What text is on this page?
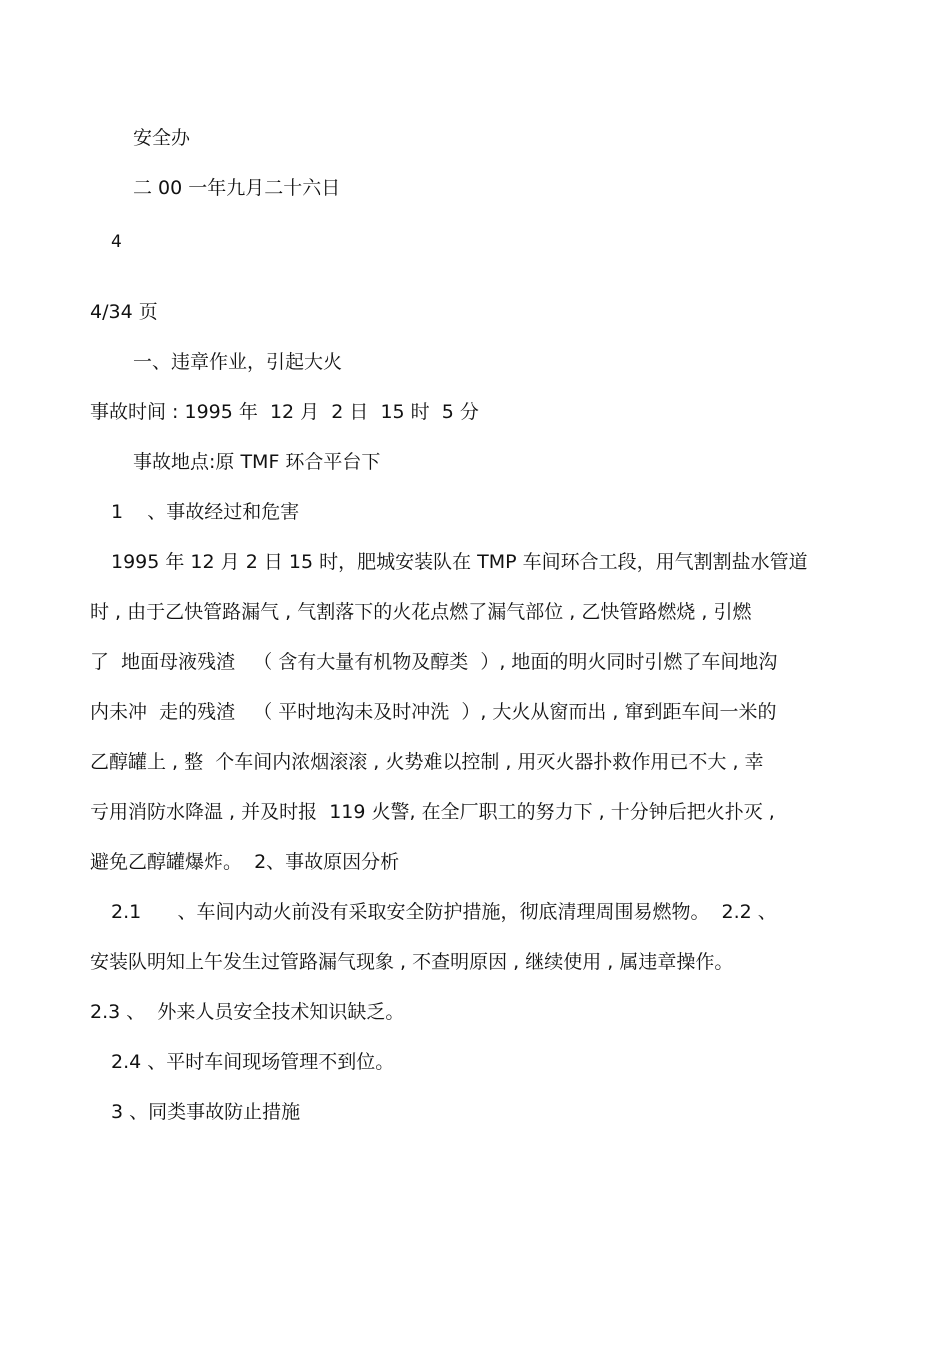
安全办

二 00 一年九月二十六日

4

4/34 页

一、违章作业，引起大火

事故时间 : 1995 年  12 月  2 日  15 时  5 分

事故地点:原 TMF 环合平台下

1    、事故经过和危害

1995 年 12 月 2 日 15 时，肥城安装队在 TMP 车间环合工段，用气割割盐水管道

时 , 由于乙快管路漏气 , 气割落下的火花点燃了漏气部位 , 乙快管路燃烧 , 引燃

了  地面母液残渣   （ 含有大量有机物及醇类  ）, 地面的明火同时引燃了车间地沟

内未冲  走的残渣   （ 平时地沟未及时冲洗  ）, 大火从窗而出 , 窜到距车间一米的

乙醇罐上 , 整  个车间内浓烟滚滚 , 火势难以控制 , 用灭火器扑救作用已不大 , 幸

亏用消防水降温 , 并及时报  119 火警, 在全厂职工的努力下 , 十分钟后把火扑灭 ,

避免乙醇罐爆炸。  2、事故原因分析

2.1      、车间内动火前没有采取安全防护措施，彻底清理周围易燃物。  2.2 、

安装队明知上午发生过管路漏气现象 , 不查明原因 , 继续使用 , 属违章操作。

2.3 、  外来人员安全技术知识缺乏。

2.4 、平时车间现场管理不到位。

3 、同类事故防止措施
